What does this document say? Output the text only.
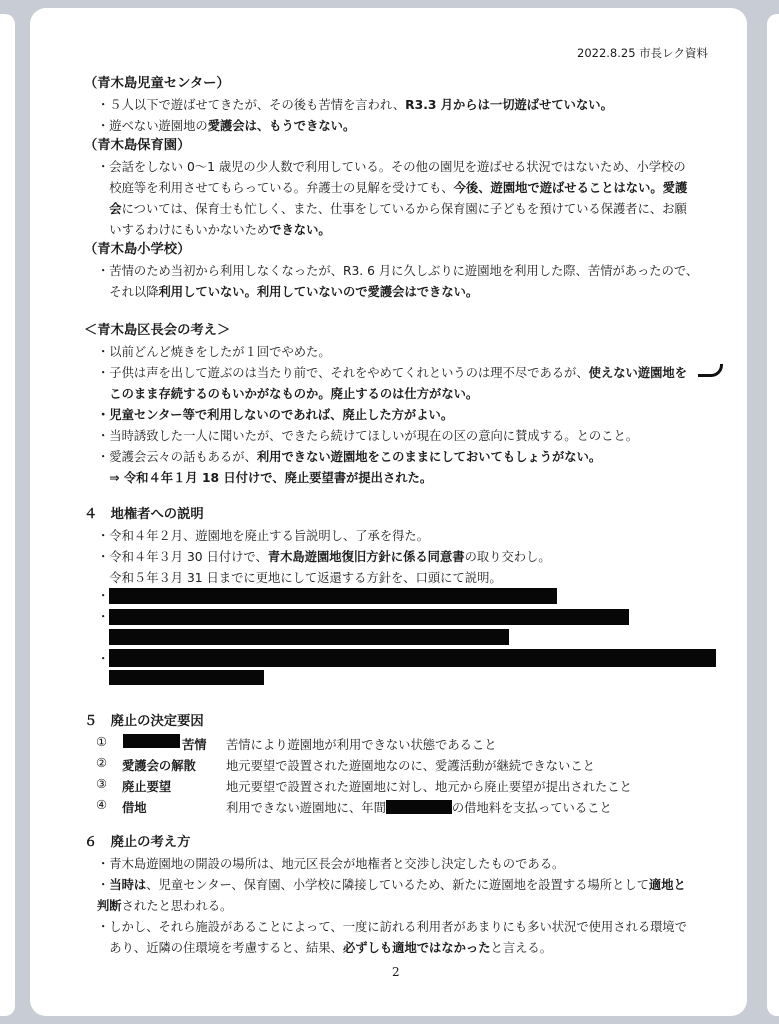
2022.8.25 市長レク資料
（青木島児童センター）
・５人以下で遊ばせてきたが、その後も苦情を言われ、R3.3 月からは一切遊ばせていない。
・遊べない遊園地の愛護会は、もうできない。
（青木島保育園）
・会話をしない 0～1 歳児の少人数で利用している。その他の園児を遊ばせる状況ではないため、小学校の
　校庭等を利用させてもらっている。弁護士の見解を受けても、今後、遊園地で遊ばせることはない。愛護
　会については、保育士も忙しく、また、仕事をしているから保育園に子どもを預けている保護者に、お願
　いするわけにもいかないためできない。
（青木島小学校）
・苦情のため当初から利用しなくなったが、R3. 6 月に久しぶりに遊園地を利用した際、苦情があったので、
　それ以降利用していない。利用していないので愛護会はできない。
＜青木島区長会の考え＞
・以前どんど焼きをしたが１回でやめた。
・子供は声を出して遊ぶのは当たり前で、それをやめてくれというのは理不尽であるが、使えない遊園地を
　このまま存続するのもいかがなものか。廃止するのは仕方がない。
・児童センター等で利用しないのであれば、廃止した方がよい。
・当時誘致した一人に聞いたが、できたら続けてほしいが現在の区の意向に賛成する。とのこと。
・愛護会云々の話もあるが、利用できない遊園地をこのままにしておいてもしょうがない。
　⇒ 令和４年１月 18 日付けで、廃止要望書が提出された。
４　地権者への説明
・令和４年２月、遊園地を廃止する旨説明し、了承を得た。
・令和４年３月 30 日付けで、青木島遊園地復旧方針に係る同意書の取り交わし。
　令和５年３月 31 日までに更地にして返還する方針を、口頭にて説明。
・
・
・
５　廃止の決定要因
①	苦情 苦情により遊園地が利用できない状態であること
② 愛護会の解散 地元要望で設置された遊園地なのに、愛護活動が継続できないこと
③ 廃止要望	地元要望で設置された遊園地に対し、地元から廃止要望が提出されたこと
④ 借地	利用できない遊園地に、年間	の借地料を支払っていること
６　廃止の考え方
・青木島遊園地の開設の場所は、地元区長会が地権者と交渉し決定したものである。
・当時は、児童センター、保育園、小学校に隣接しているため、新たに遊園地を設置する場所として適地と
判断されたと思われる。
・しかし、それら施設があることによって、一度に訪れる利用者があまりにも多い状況で使用される環境で
　あり、近隣の住環境を考慮すると、結果、必ずしも適地ではなかったと言える。
2
